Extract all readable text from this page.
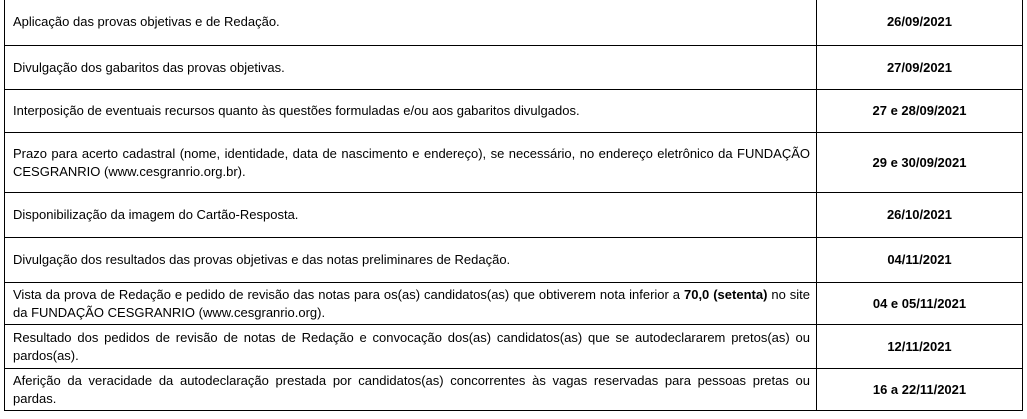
Aplicação das provas objetivas e de Redação.	26/09/2021
Divulgação dos gabaritos das provas objetivas.	27/09/2021
Interposição de eventuais recursos quanto às questões formuladas e/ou aos gabaritos divulgados.	27 e 28/09/2021
Prazo para acerto cadastral (nome, identidade, data de nascimento e endereço), se necessário, no endereço eletrônico da FUNDAÇÃO CESGRANRIO (www.cesgranrio.org.br).	29 e 30/09/2021
Disponibilização da imagem do Cartão-Resposta.	26/10/2021
Divulgação dos resultados das provas objetivas e das notas preliminares de Redação.	04/11/2021
Vista da prova de Redação e pedido de revisão das notas para os(as) candidatos(as) que obtiverem nota inferior a 70,0 (setenta) no site da FUNDAÇÃO CESGRANRIO (www.cesgranrio.org).	04 e 05/11/2021
Resultado dos pedidos de revisão de notas de Redação e convocação dos(as) candidatos(as) que se autodeclararem pretos(as) ou pardos(as).	12/11/2021
Aferição da veracidade da autodeclaração prestada por candidatos(as) concorrentes às vagas reservadas para pessoas pretas ou pardas.	16 a 22/11/2021
